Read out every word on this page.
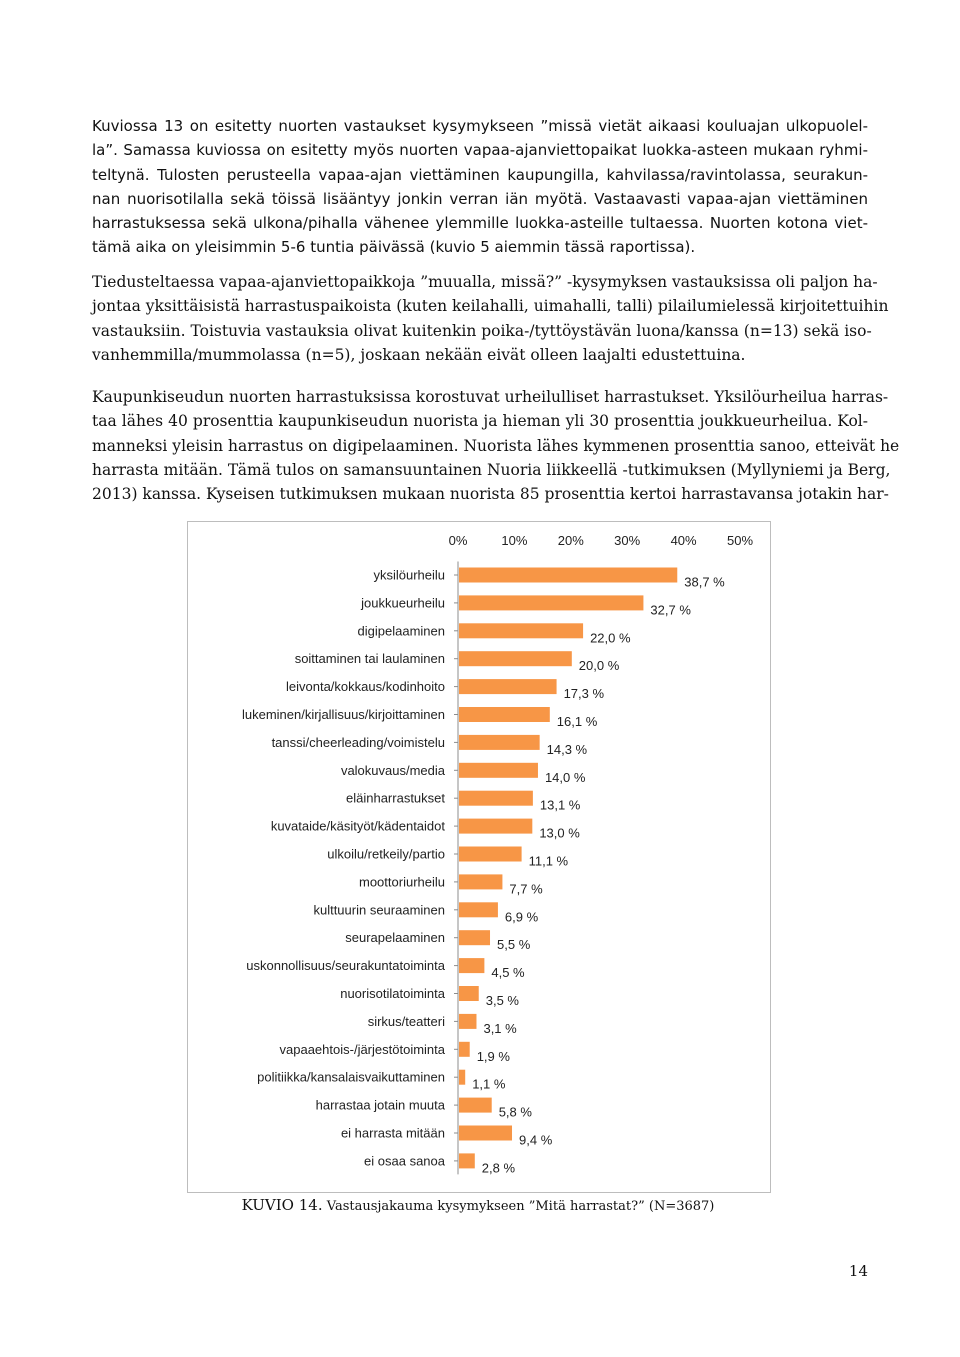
Kuviossa 13 on esitetty nuorten vastaukset kysymykseen ”missä vietät aikaasi kouluajan ulkopuolel-
la”. Samassa kuviossa on esitetty myös nuorten vapaa-ajanviettopaikat luokka-asteen mukaan ryhmi-
teltynä. Tulosten perusteella vapaa-ajan viettäminen kaupungilla, kahvilassa/ravintolassa, seurakun-
nan nuorisotilalla sekä töissä lisääntyy jonkin verran iän myötä. Vastaavasti vapaa-ajan viettäminen
harrastuksessa sekä ulkona/pihalla vähenee ylemmille luokka-asteille tultaessa. Nuorten kotona viet-
tämä aika on yleisimmin 5-6 tuntia päivässä (kuvio 5 aiemmin tässä raportissa).
Tiedusteltaessa vapaa-ajanviettopaikkoja ”muualla, missä?” -kysymyksen vastauksissa oli paljon ha-
jontaa yksittäisistä harrastuspaikoista (kuten keilahalli, uimahalli, talli) pilailumielessä kirjoitettuihin
vastauksiin. Toistuvia vastauksia olivat kuitenkin poika-/tyttöystävän luona/kanssa (n=13) sekä iso-
vanhemmilla/mummolassa (n=5), joskaan nekään eivät olleen laajalti edustettuina.
Kaupunkiseudun nuorten harrastuksissa korostuvat urheilulliset harrastukset. Yksilöurheilua harras-
taa lähes 40 prosenttia kaupunkiseudun nuorista ja hieman yli 30 prosenttia joukkueurheilua. Kol-
manneksi yleisin harrastus on digipelaaminen. Nuorista lähes kymmenen prosenttia sanoo, etteivät he
harrasta mitään. Tämä tulos on samansuuntainen Nuoria liikkeellä -tutkimuksen (Myllyniemi ja Berg,
2013) kanssa. Kyseisen tutkimuksen mukaan nuorista 85 prosenttia kertoi harrastavansa jotakin har-
0%	10% 20% 30% 40% 50%
yksilöurheilu	38,7 %
joukkueurheilu	32,7 %
digipelaaminen	22,0 %
soittaminen tai laulaminen	20,0 %
leivonta/kokkaus/kodinhoito	17,3 %
lukeminen/kirjallisuus/kirjoittaminen	16,1 %
tanssi/cheerleading/voimistelu	14,3 %
valokuvaus/media	14,0 %
eläinharrastukset	13,1 %
kuvataide/käsityöt/kädentaidot	13,0 %
ulkoilu/retkeily/partio	11,1 %
moottoriurheilu	7,7 %
kulttuurin seuraaminen	6,9 %
seurapelaaminen	5,5 %
uskonnollisuus/seurakuntatoiminta	4,5 %
nuorisotilatoiminta	3,5 %
sirkus/teatteri	3,1 %
vapaaehtois-/järjestötoiminta 1,9 %
politiikka/kansalaisvaikuttaminen 1,1 %
harrastaa jotain muuta	5,8 %
ei harrasta mitään	9,4 %
ei osaa sanoa	2,8 %
KUVIO 14. Vastausjakauma kysymykseen ”Mitä harrastat?” (N=3687)
14
